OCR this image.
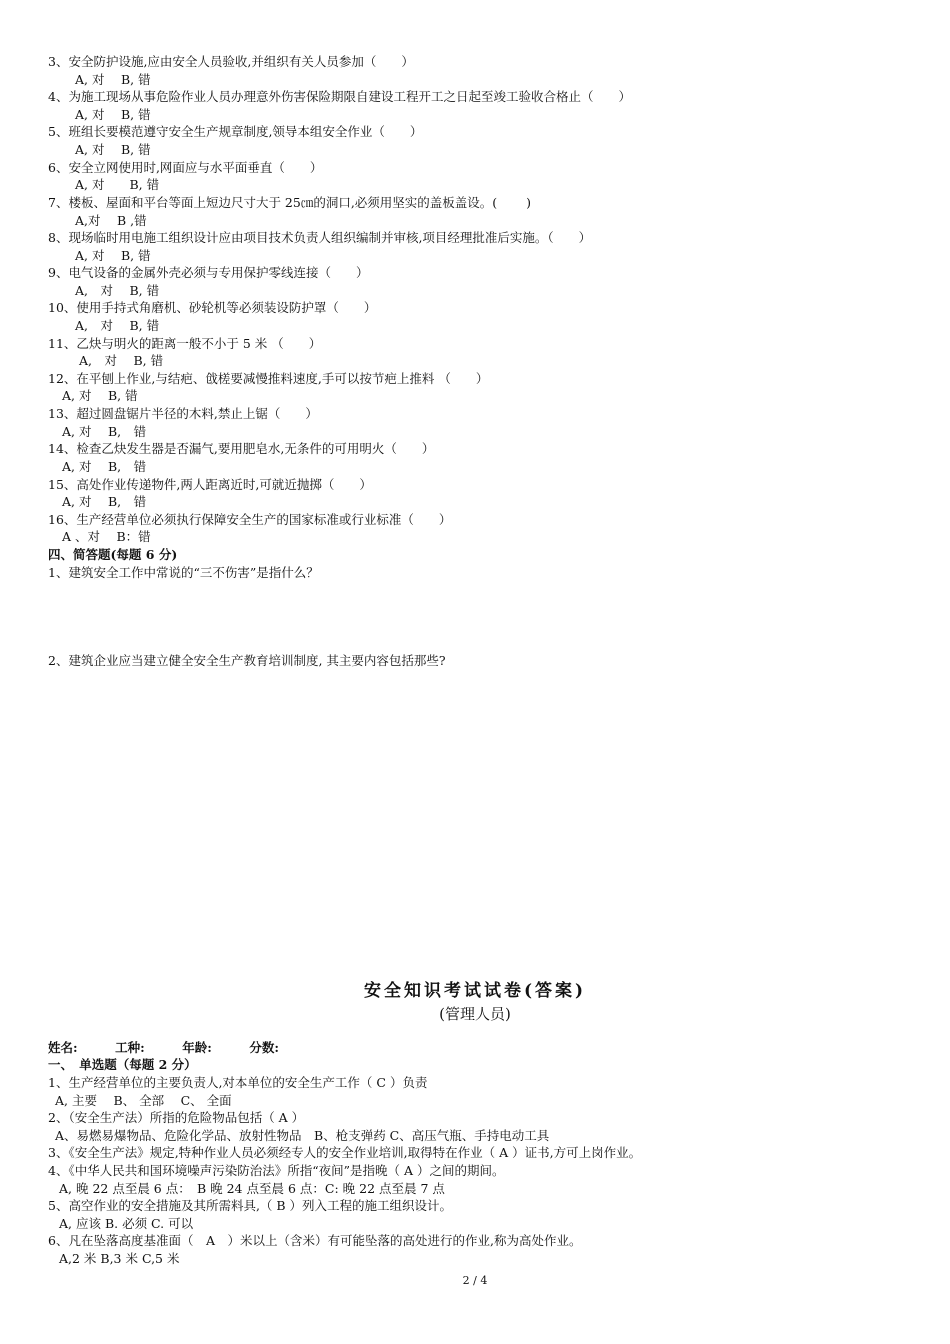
3、安全防护设施,应由安全人员验收,并组织有关人员参加（　　）
A, 对　 B, 错
4、为施工现场从事危险作业人员办理意外伤害保险期限自建设工程开工之日起至竣工验收合格止（　　）
A, 对　 B, 错
5、班组长要模范遵守安全生产规章制度,领导本组安全作业（　　）
A, 对　 B, 错
6、安全立网使用时,网面应与水平面垂直（　　）
A, 对　　B, 错
7、楼板、屋面和平台等面上短边尺寸大于 25㎝的洞口,必须用坚实的盖板盖设。(　　 )
A,对　 B ,错
8、现场临时用电施工组织设计应由项目技术负责人组织编制并审核,项目经理批准后实施。（　　）
A, 对　 B, 错
9、电气设备的金属外壳必须与专用保护零线连接（　　）
A,　对　 B, 错
10、使用手持式角磨机、砂轮机等必须装设防护罩（　　）
A,　对　 B, 错
11、乙炔与明火的距离一般不小于 5 米 （　　）
A,　对　 B, 错
12、在平刨上作业,与结疤、戗槎要减慢推料速度,手可以按节疤上推料 （　　）
A, 对　 B, 错
13、超过圆盘锯片半径的木料,禁止上锯（　　）
A, 对　 B,　错
14、检查乙炔发生器是否漏气,要用肥皂水,无条件的可用明火（　　）
A, 对　 B,　错
15、高处作业传递物件,两人距离近时,可就近抛掷（　　）
A, 对　 B,　错
16、生产经营单位必须执行保障安全生产的国家标准或行业标准（　　）
A 、对　 B：错
四、简答题(每题 6 分)
1、建筑安全工作中常说的“三不伤害”是指什么？
2、建筑企业应当建立健全安全生产教育培训制度, 其主要内容包括那些?
安全知识考试试卷(答案)
(管理人员)
姓名:　　　工种:　　　年龄:　　　分数:
一、　单选题（每题 2 分）
1、生产经营单位的主要负责人,对本单位的安全生产工作（ C ）负责
A, 主要　 B、 全部　 C、 全面
2、（安全生产法）所指的危险物品包括（ A ）
A、易燃易爆物品、危险化学品、放射性物品　B、枪支弹药 C、高压气瓶、手持电动工具
3、《安全生产法》规定,特种作业人员必须经专人的安全作业培训,取得特在作业（ A ）证书,方可上岗作业。
4、《中华人民共和国环境噪声污染防治法》所指“夜间”是指晚（ A ）之间的期间。
A, 晚 22 点至晨 6 点：　B 晚 24 点至晨 6 点：C: 晚 22 点至晨 7 点
5、高空作业的安全措施及其所需料具,（ B ）列入工程的施工组织设计。
A, 应该 B. 必须 C. 可以
6、凡在坠落高度基准面（　A　）米以上（含米）有可能坠落的高处进行的作业,称为高处作业。
A,2 米 B,3 米 C,5 米
2 / 4
